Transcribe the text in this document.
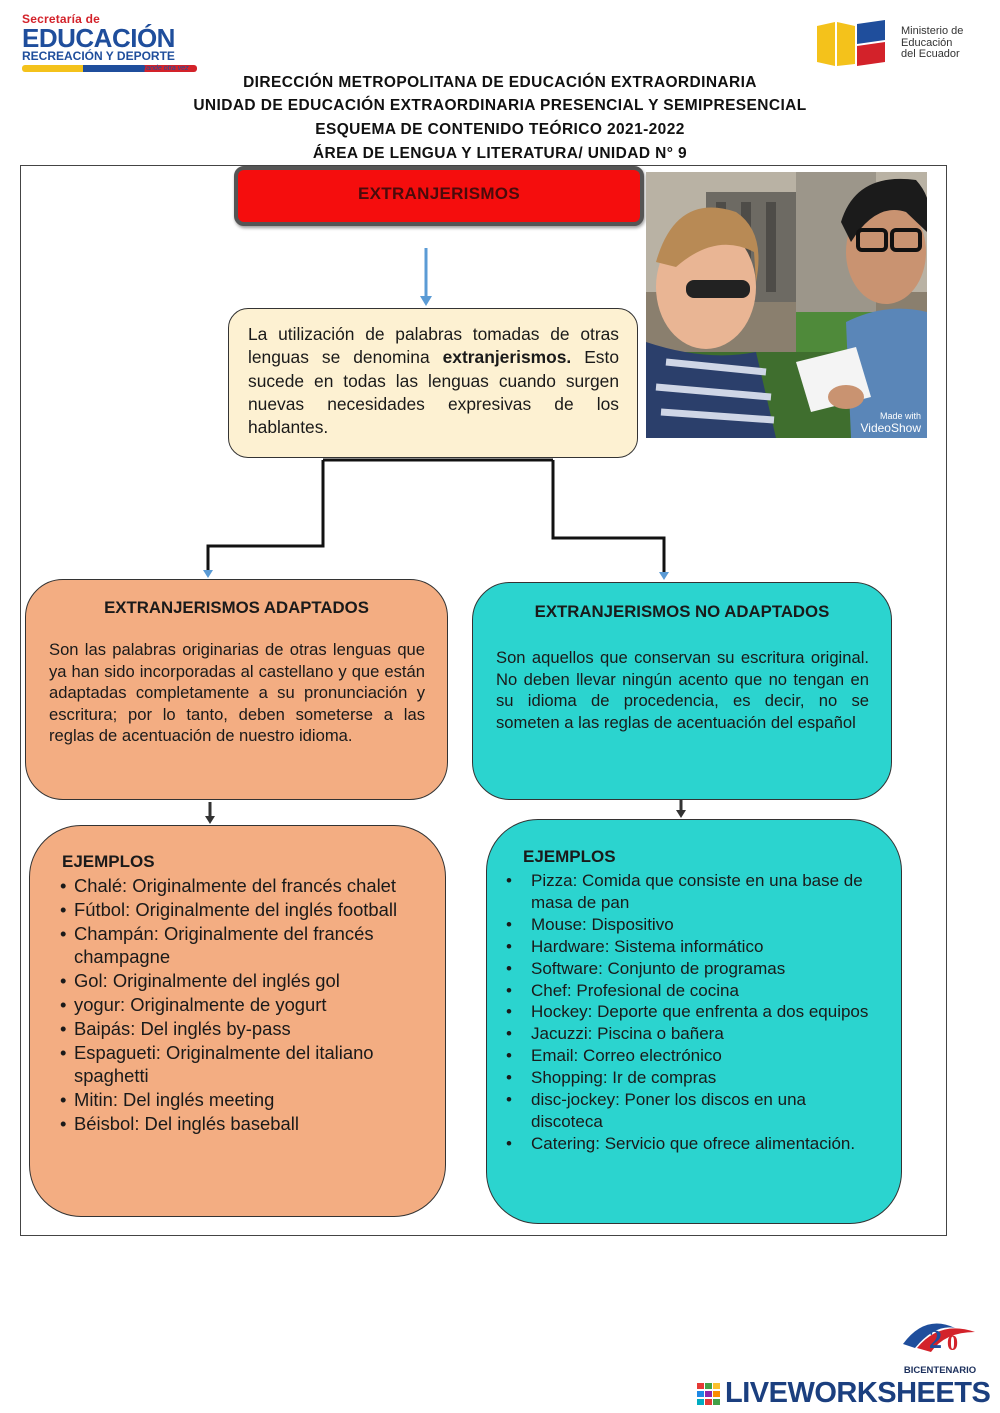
Secretaría de
EDUCACIÓN
RECREACIÓN Y DEPORTE
grande otra vez
Ministerio de
Educación
del Ecuador
DIRECCIÓN METROPOLITANA DE EDUCACIÓN EXTRAORDINARIA
UNIDAD DE EDUCACIÓN EXTRAORDINARIA PRESENCIAL Y SEMIPRESENCIAL
ESQUEMA DE CONTENIDO TEÓRICO 2021-2022
ÁREA DE LENGUA Y LITERATURA/ UNIDAD N° 9
EXTRANJERISMOS

La utilización de palabras tomadas de otras lenguas se denomina extranjerismos. Esto sucede en todas las lenguas cuando surgen nuevas necesidades expresivas de los hablantes.

Made with
VideoShow
EXTRANJERISMOS ADAPTADOS

Son las palabras originarias de otras lenguas que ya han sido incorporadas al castellano y que están adaptadas completamente a su pronunciación y escritura; por lo tanto, deben someterse a las reglas de acentuación de nuestro idioma.

EXTRANJERISMOS NO ADAPTADOS

Son aquellos que conservan su escritura original. No deben llevar ningún acento que no tengan en su idioma de procedencia, es decir, no se someten a las reglas de acentuación del español

EJEMPLOS
• Chalé: Originalmente del francés chalet
• Fútbol: Originalmente del inglés football
• Champán: Originalmente del francés champagne
• Gol: Originalmente del inglés gol
• yogur: Originalmente de yogurt
• Baipás: Del inglés by-pass
• Espagueti: Originalmente del italiano spaghetti
• Mitin: Del inglés meeting
• Béisbol: Del inglés baseball
EJEMPLOS
• Pizza: Comida que consiste en una base de masa de pan
• Mouse: Dispositivo
• Hardware: Sistema informático
• Software: Conjunto de programas
• Chef: Profesional de cocina
• Hockey: Deporte que enfrenta a dos equipos
• Jacuzzi: Piscina o bañera
• Email: Correo electrónico
• Shopping: Ir de compras
• disc-jockey: Poner los discos en una discoteca
• Catering: Servicio que ofrece alimentación.
2 0
BICENTENARIO
LIVEWORKSHEETS
